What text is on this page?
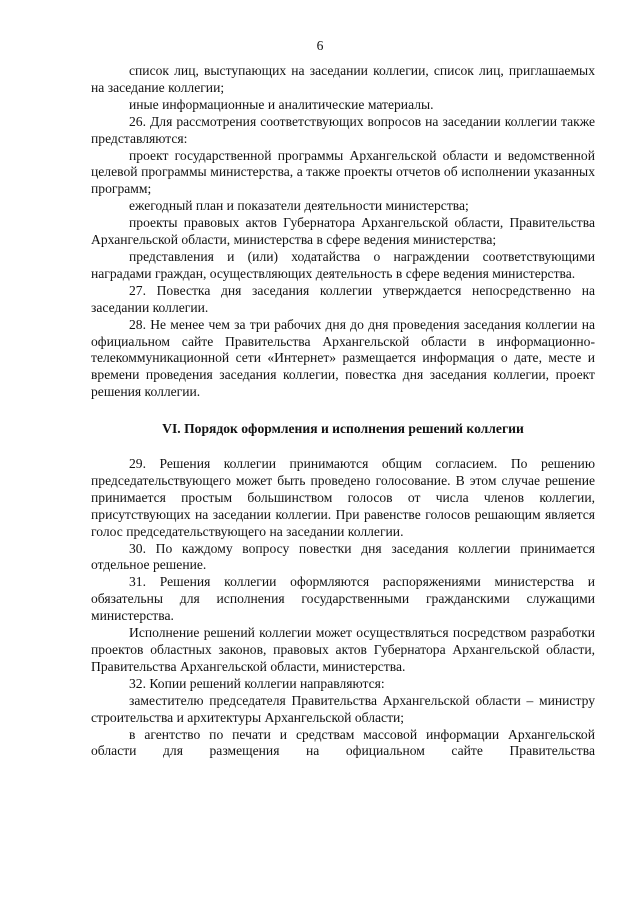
6

список лиц, выступающих на заседании коллегии, список лиц, приглашаемых на заседание коллегии;

иные информационные и аналитические материалы.

26. Для рассмотрения соответствующих вопросов на заседании коллегии также представляются:

проект государственной программы Архангельской области и ведомственной целевой программы министерства, а также проекты отчетов об исполнении указанных программ;

ежегодный план и показатели деятельности министерства;

проекты правовых актов Губернатора Архангельской области, Правительства Архангельской области, министерства в сфере ведения министерства;

представления и (или) ходатайства о награждении соответствующими наградами граждан, осуществляющих деятельность в сфере ведения министерства.

27. Повестка дня заседания коллегии утверждается непосредственно на заседании коллегии.

28. Не менее чем за три рабочих дня до дня проведения заседания коллегии на официальном сайте Правительства Архангельской области в информационно-телекоммуникационной сети «Интернет» размещается информация о дате, месте и времени проведения заседания коллегии, повестка дня заседания коллегии, проект решения коллегии.

VI. Порядок оформления и исполнения решений коллегии

29. Решения коллегии принимаются общим согласием. По решению председательствующего может быть проведено голосование. В этом случае решение принимается простым большинством голосов от числа членов коллегии, присутствующих на заседании коллегии. При равенстве голосов решающим является голос председательствующего на заседании коллегии.

30. По каждому вопросу повестки дня заседания коллегии принимается отдельное решение.

31. Решения коллегии оформляются распоряжениями министерства и обязательны для исполнения государственными гражданскими служащими министерства.

Исполнение решений коллегии может осуществляться посредством разработки проектов областных законов, правовых актов Губернатора Архангельской области, Правительства Архангельской области, министерства.

32. Копии решений коллегии направляются:

заместителю председателя Правительства Архангельской области – министру строительства и архитектуры Архангельской области;

в агентство по печати и средствам массовой информации Архангельской области для размещения на официальном сайте Правительства
